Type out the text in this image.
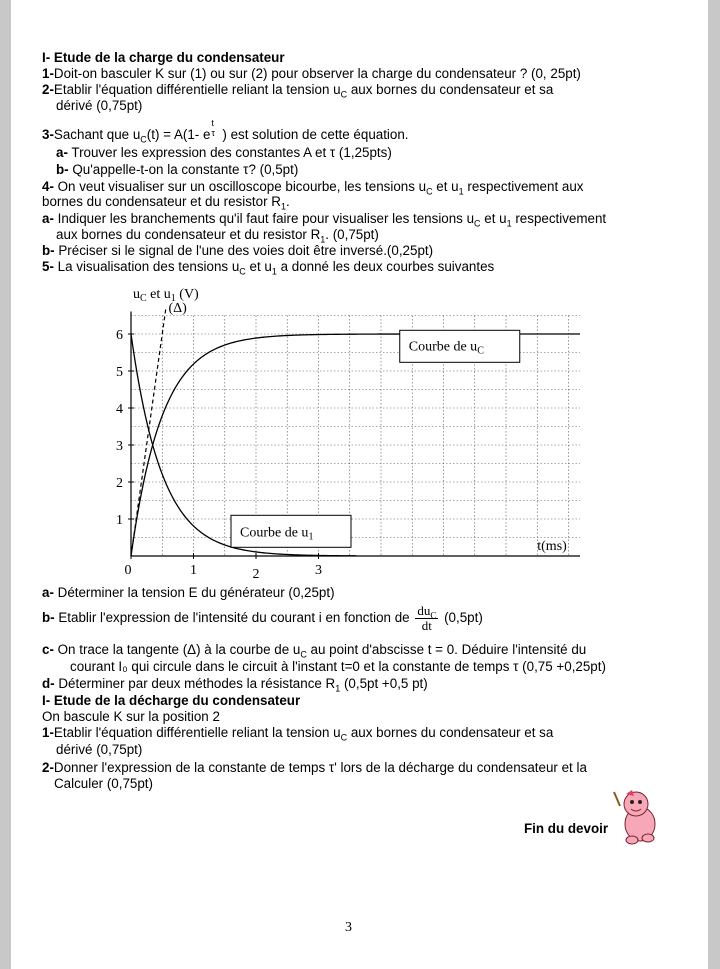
I- Etude de la charge du condensateur
1-Doit-on basculer K sur (1) ou sur (2) pour observer la charge du condensateur ? (0, 25pt)
2-Etablir l'équation différentielle reliant la tension $u_C$ aux bornes du condensateur et sa
dérivé (0,75pt)
3-Sachant que $u_C(t) = A(1-$ e
t
τ ) est solution de cette équation.
a- Trouver les expression des constantes A et τ (1,25pts)
b- Qu'appelle-t-on la constante τ? (0,5pt)
4- On veut visualiser sur un oscilloscope bicourbe, les tensions $u_C$ et $u_1$ respectivement aux
bornes du condensateur et du resistor $R_1$.
a- Indiquer les branchements qu'il faut faire pour visualiser les tensions $u_C$ et $u_1$ respectivement
aux bornes du condensateur et du resistor $R_1$. (0,75pt)
b- Préciser si le signal de l'une des voies doit être inversé.(0,25pt)
5- La visualisation des tensions $u_C$ et $u_1$ a donné les deux courbes suivantes
1
2
3
4
5
6
0	1	2	3
(Δ)
$u_C$ et $u_1$ (V)
t(ms)
Courbe de $u_C$
Courbe de $u_1$
a- Déterminer la tension E du générateur (0,25pt)
b- Etablir l'expression de l'intensité du courant i en fonction de $\frac{du_C}{dt} (0,5pt)$
c- On trace la tangente (Δ) à la courbe de $u_C$ au point d'abscisse t = 0. Déduire l'intensité du
courant I₀ qui circule dans le circuit à l'instant t=0 et la constante de temps τ (0,75 +0,25pt)
d- Déterminer par deux méthodes la résistance $R_1$ (0,5pt +0,5 pt)
I- Etude de la décharge du condensateur
On bascule K sur la position 2
1-Etablir l'équation différentielle reliant la tension $u_C$ aux bornes du condensateur et sa
dérivé (0,75pt)
2-Donner l'expression de la constante de temps τ' lors de la décharge du condensateur et la
Calculer (0,75pt)
Fin du devoir
3
